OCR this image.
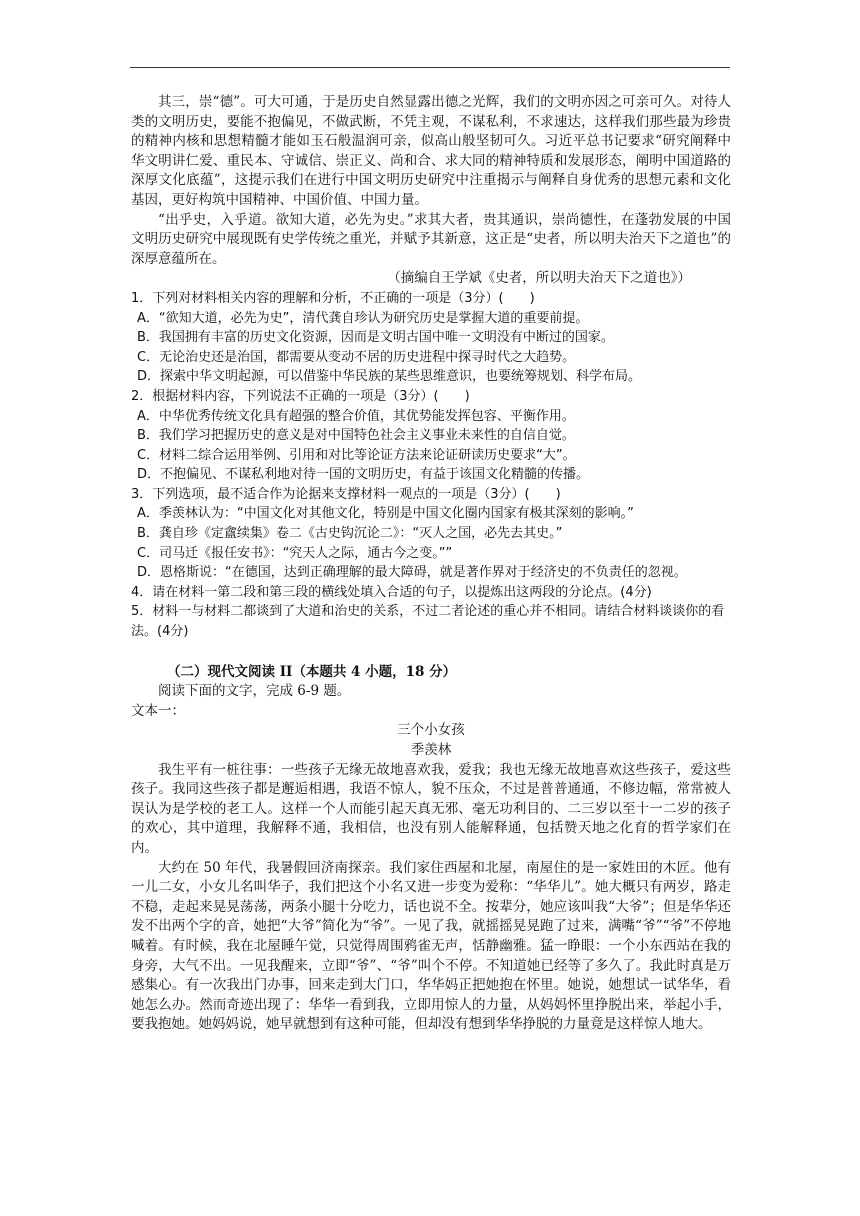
其三，崇“德”。可大可通，于是历史自然显露出德之光辉，我们的文明亦因之可亲可久。对待人类的文明历史，要能不抱偏见，不做武断，不凭主观，不谋私利，不求速达，这样我们那些最为珍贵的精神内核和思想精髓才能如玉石般温润可亲，似高山般坚韧可久。习近平总书记要求“研究阐释中华文明讲仁爱、重民本、守诚信、崇正义、尚和合、求大同的精神特质和发展形态，阐明中国道路的深厚文化底蕴”，这提示我们在进行中国文明历史研究中注重揭示与阐释自身优秀的思想元素和文化基因，更好构筑中国精神、中国价值、中国力量。

“出乎史，入乎道。欲知大道，必先为史。”求其大者，贵其通识，崇尚德性，在蓬勃发展的中国文明历史研究中展现既有史学传统之重光，并赋予其新意，这正是“史者，所以明夫治天下之道也”的深厚意蕴所在。

（摘编自王学斌《史者，所以明夫治天下之道也》）

1．下列对材料相关内容的理解和分析，不正确的一项是（3分）(　　)

A．“欲知大道，必先为史”，清代龚自珍认为研究历史是掌握大道的重要前提。

B．我国拥有丰富的历史文化资源，因而是文明古国中唯一文明没有中断过的国家。

C．无论治史还是治国，都需要从变动不居的历史进程中探寻时代之大趋势。

D．探索中华文明起源，可以借鉴中华民族的某些思维意识，也要统筹规划、科学布局。

2．根据材料内容，下列说法不正确的一项是（3分）(　　)

A．中华优秀传统文化具有超强的整合价值，其优势能发挥包容、平衡作用。

B．我们学习把握历史的意义是对中国特色社会主义事业未来性的自信自觉。

C．材料二综合运用举例、引用和对比等论证方法来论证研读历史要求“大”。

D．不抱偏见、不谋私利地对待一国的文明历史，有益于该国文化精髓的传播。

3．下列选项，最不适合作为论据来支撑材料一观点的一项是（3分）(　　)

A．季羡林认为：“中国文化对其他文化，特别是中国文化圈内国家有极其深刻的影响。”

B．龚自珍《定盦续集》卷二《古史钩沉论二》：“灭人之国，必先去其史。”

C．司马迁《报任安书》：“究天人之际，通古今之变。””

D．恩格斯说：“在德国，达到正确理解的最大障碍，就是著作界对于经济史的不负责任的忽视。

4．请在材料一第二段和第三段的横线处填入合适的句子，以提炼出这两段的分论点。(4分)

5．材料一与材料二都谈到了大道和治史的关系，不过二者论述的重心并不相同。请结合材料谈谈你的看法。(4分)

（二）现代文阅读 II（本题共 4 小题，18 分）

阅读下面的文字，完成 6-9 题。

文本一：

三个小女孩

季羡林

我生平有一桩往事：一些孩子无缘无故地喜欢我，爱我；我也无缘无故地喜欢这些孩子，爱这些孩子。我同这些孩子都是邂逅相遇，我语不惊人，貌不压众，不过是普普通通，不修边幅，常常被人误认为是学校的老工人。这样一个人而能引起天真无邪、毫无功利目的、二三岁以至十一二岁的孩子的欢心，其中道理，我解释不通，我相信，也没有别人能解释通，包括赞天地之化育的哲学家们在内。

大约在 50 年代，我暑假回济南探亲。我们家住西屋和北屋，南屋住的是一家姓田的木匠。他有一儿二女，小女儿名叫华子，我们把这个小名又进一步变为爱称：“华华儿”。她大概只有两岁，路走不稳，走起来晃晃荡荡，两条小腿十分吃力，话也说不全。按辈分，她应该叫我“大爷”；但是华华还发不出两个字的音，她把“大爷”简化为“爷”。一见了我，就摇摇晃晃跑了过来，满嘴“爷”“爷”不停地喊着。有时候，我在北屋睡午觉，只觉得周围鸦雀无声，恬静幽雅。猛一睁眼：一个小东西站在我的身旁，大气不出。一见我醒来，立即“爷”、“爷”叫个不停。不知道她已经等了多久了。我此时真是万感集心。有一次我出门办事，回来走到大门口，华华妈正把她抱在怀里。她说，她想试一试华华，看她怎么办。然而奇迹出现了：华华一看到我，立即用惊人的力量，从妈妈怀里挣脱出来，举起小手，要我抱她。她妈妈说，她早就想到有这种可能，但却没有想到华华挣脱的力量竟是这样惊人地大。
